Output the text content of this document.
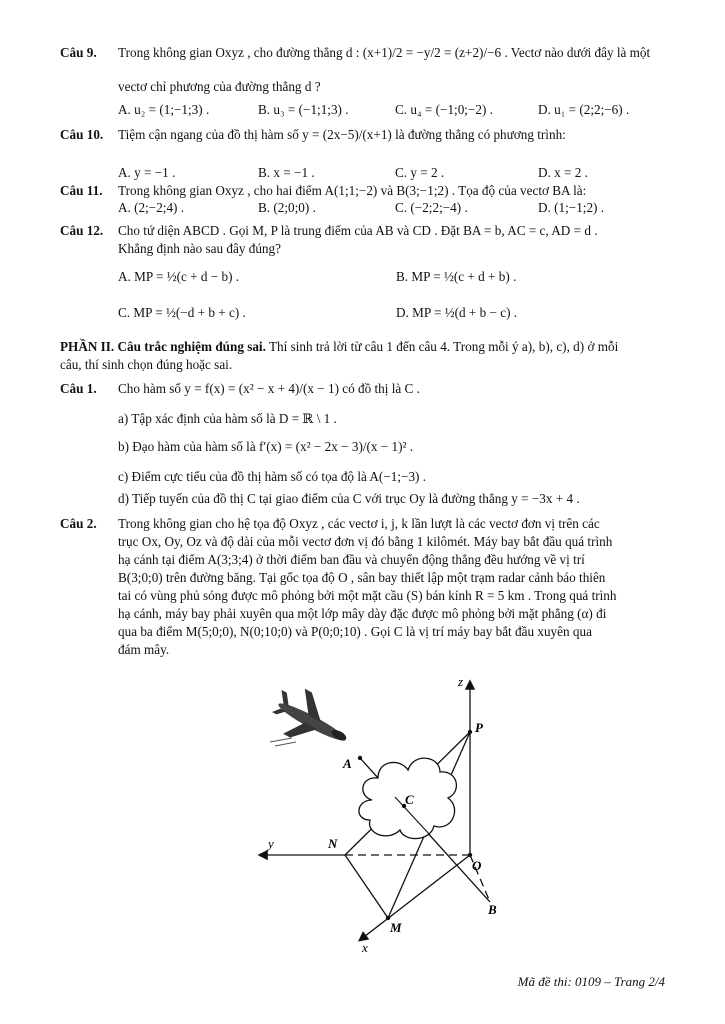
Câu 9. Trong không gian Oxyz , cho đường thẳng d : (x+1)/2 = −y/2 = (z+2)/−6 . Vectơ nào dưới đây là một
vectơ chỉ phương của đường thẳng d ?
A. u₂ = (1;−1;3) .	B. u₃ = (−1;1;3) .	C. u₄ = (−1;0;−2) .	D. u₁ = (2;2;−6) .
Câu 10. Tiệm cận ngang của đồ thị hàm số y = (2x−5)/(x+1) là đường thẳng có phương trình:
A. y = −1 .	B. x = −1 .	C. y = 2 .	D. x = 2 .
Câu 11. Trong không gian Oxyz , cho hai điểm A(1;1;−2) và B(3;−1;2) . Tọa độ của vectơ BA là:
A. (2;−2;4) .	B. (2;0;0) .	C. (−2;2;−4) .	D. (1;−1;2) .
Câu 12. Cho tứ diện ABCD . Gọi M, P là trung điểm của AB và CD . Đặt BA = b, AC = c, AD = d .
Khẳng định nào sau đây đúng?
A. MP = ½(c + d − b) .	B. MP = ½(c + d + b) .
C. MP = ½(−d + b + c) .	D. MP = ½(d + b − c) .
PHẦN II. Câu trắc nghiệm đúng sai. Thí sinh trả lời từ câu 1 đến câu 4. Trong mỗi ý a), b), c), d) ở mỗi
câu, thí sinh chọn đúng hoặc sai.
Câu 1. Cho hàm số y = f(x) = (x² − x + 4)/(x − 1) có đồ thị là C .
a) Tập xác định của hàm số là D = ℝ \ 1 .
b) Đạo hàm của hàm số là f′(x) = (x² − 2x − 3)/(x − 1)² .
c) Điểm cực tiểu của đồ thị hàm số có tọa độ là A(−1;−3) .
d) Tiếp tuyến của đồ thị C tại giao điểm của C với trục Oy là đường thẳng y = −3x + 4 .
Câu 2. Trong không gian cho hệ tọa độ Oxyz , các vectơ i, j, k lần lượt là các vectơ đơn vị trên các
trục Ox, Oy, Oz và độ dài của mỗi vectơ đơn vị đó bằng 1 kilômét. Máy bay bắt đầu quá trình
hạ cánh tại điểm A(3;3;4) ở thời điểm ban đầu và chuyển động thẳng đều hướng về vị trí
B(3;0;0) trên đường băng. Tại gốc tọa độ O , sân bay thiết lập một trạm radar cảnh báo thiên
tai có vùng phủ sóng được mô phỏng bởi một mặt cầu (S) bán kính R = 5 km . Trong quá trình
hạ cánh, máy bay phải xuyên qua một lớp mây dày đặc được mô phỏng bởi mặt phẳng (α) đi
qua ba điểm M(5;0;0), N(0;10;0) và P(0;0;10) . Gọi C là vị trí máy bay bắt đầu xuyên qua
đám mây.
z
P
A
C
y	N
O
B
M
x
Mã đề thi: 0109 – Trang 2/4
